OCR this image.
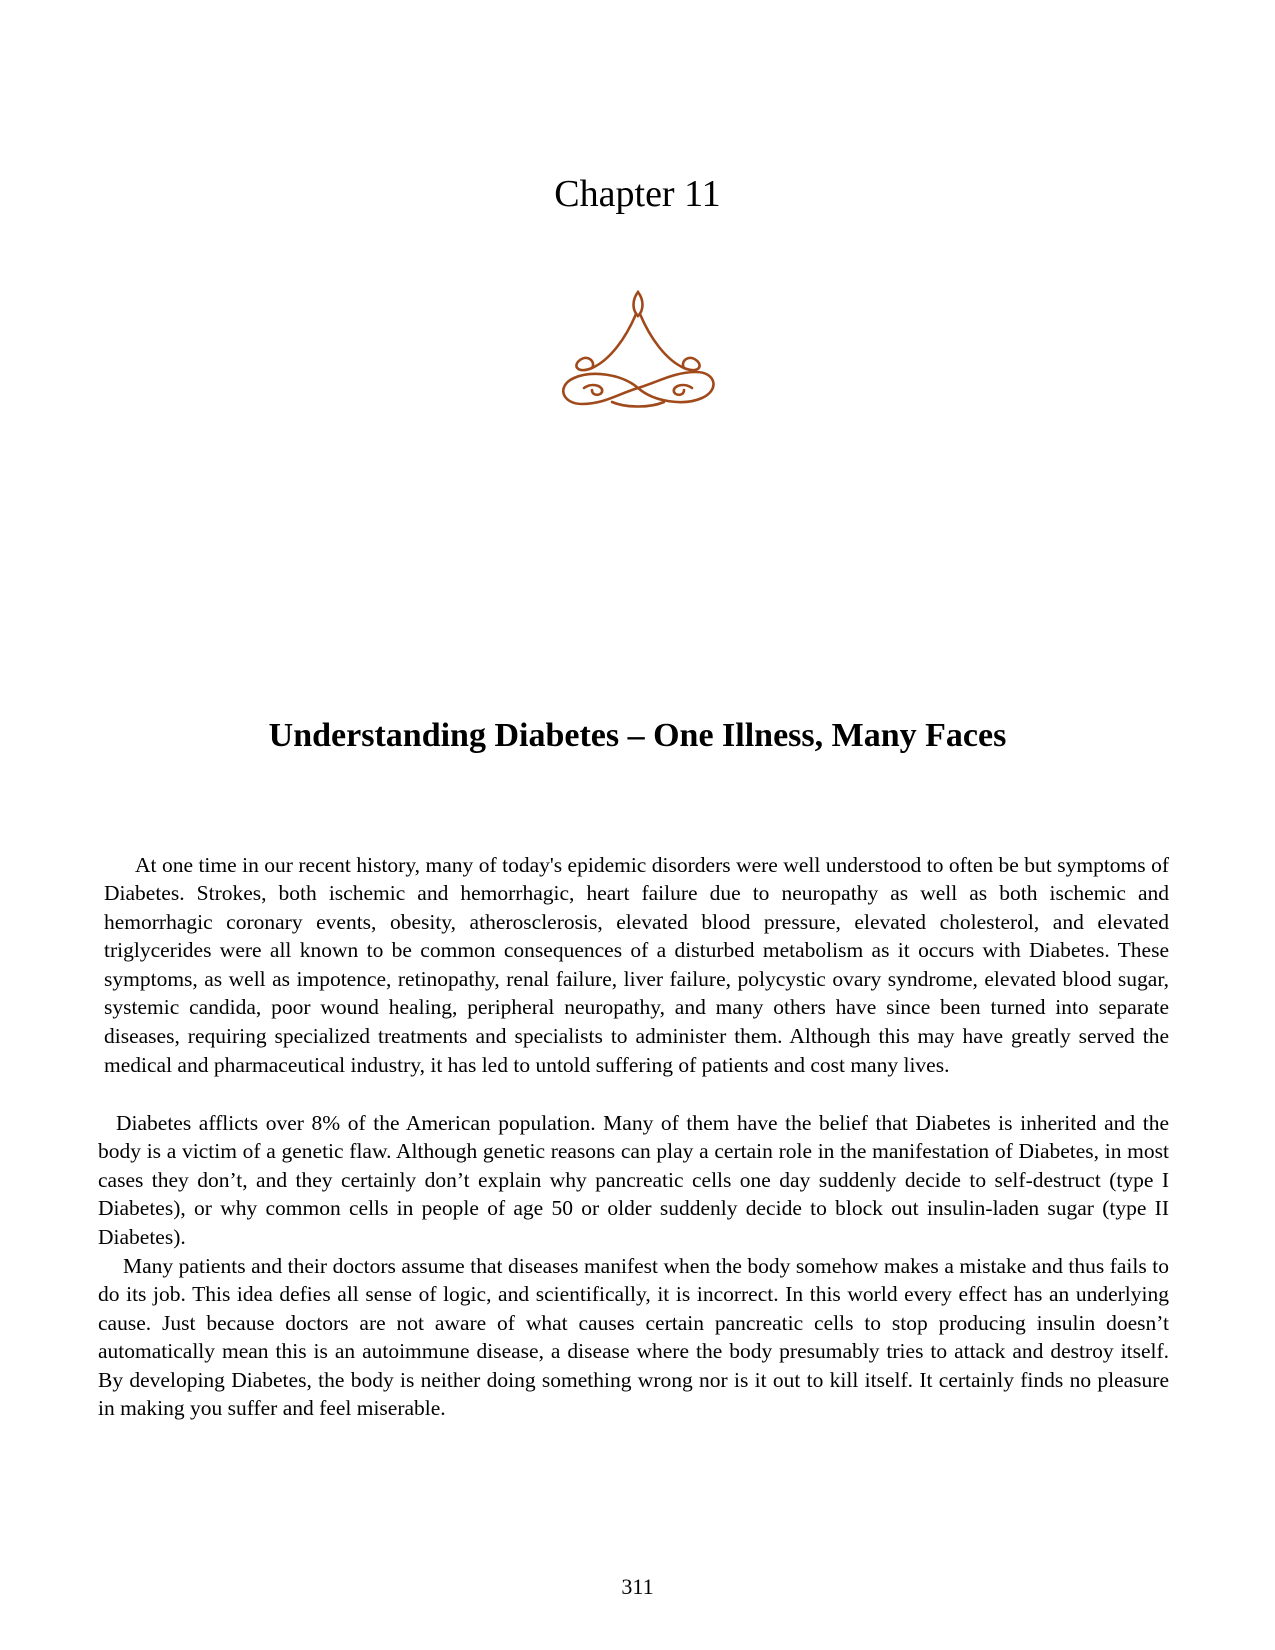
Chapter 11
Understanding Diabetes – One Illness, Many Faces

At one time in our recent history, many of today's epidemic disorders were well understood to often be but symptoms of Diabetes. Strokes, both ischemic and hemorrhagic, heart failure due to neuropathy as well as both ischemic and hemorrhagic coronary events, obesity, atherosclerosis, elevated blood pressure, elevated cholesterol, and elevated triglycerides were all known to be common consequences of a disturbed metabolism as it occurs with Diabetes. These symptoms, as well as impotence, retinopathy, renal failure, liver failure, polycystic ovary syndrome, elevated blood sugar, systemic candida, poor wound healing, peripheral neuropathy, and many others have since been turned into separate diseases, requiring specialized treatments and specialists to administer them. Although this may have greatly served the medical and pharmaceutical industry, it has led to untold suffering of patients and cost many lives.

Diabetes afflicts over 8% of the American population. Many of them have the belief that Diabetes is inherited and the body is a victim of a genetic flaw. Although genetic reasons can play a certain role in the manifestation of Diabetes, in most cases they don’t, and they certainly don’t explain why pancreatic cells one day suddenly decide to self-destruct (type I Diabetes), or why common cells in people of age 50 or older suddenly decide to block out insulin-laden sugar (type II Diabetes).

Many patients and their doctors assume that diseases manifest when the body somehow makes a mistake and thus fails to do its job. This idea defies all sense of logic, and scientifically, it is incorrect. In this world every effect has an underlying cause. Just because doctors are not aware of what causes certain pancreatic cells to stop producing insulin doesn’t automatically mean this is an autoimmune disease, a disease where the body presumably tries to attack and destroy itself. By developing Diabetes, the body is neither doing something wrong nor is it out to kill itself. It certainly finds no pleasure in making you suffer and feel miserable.

311
